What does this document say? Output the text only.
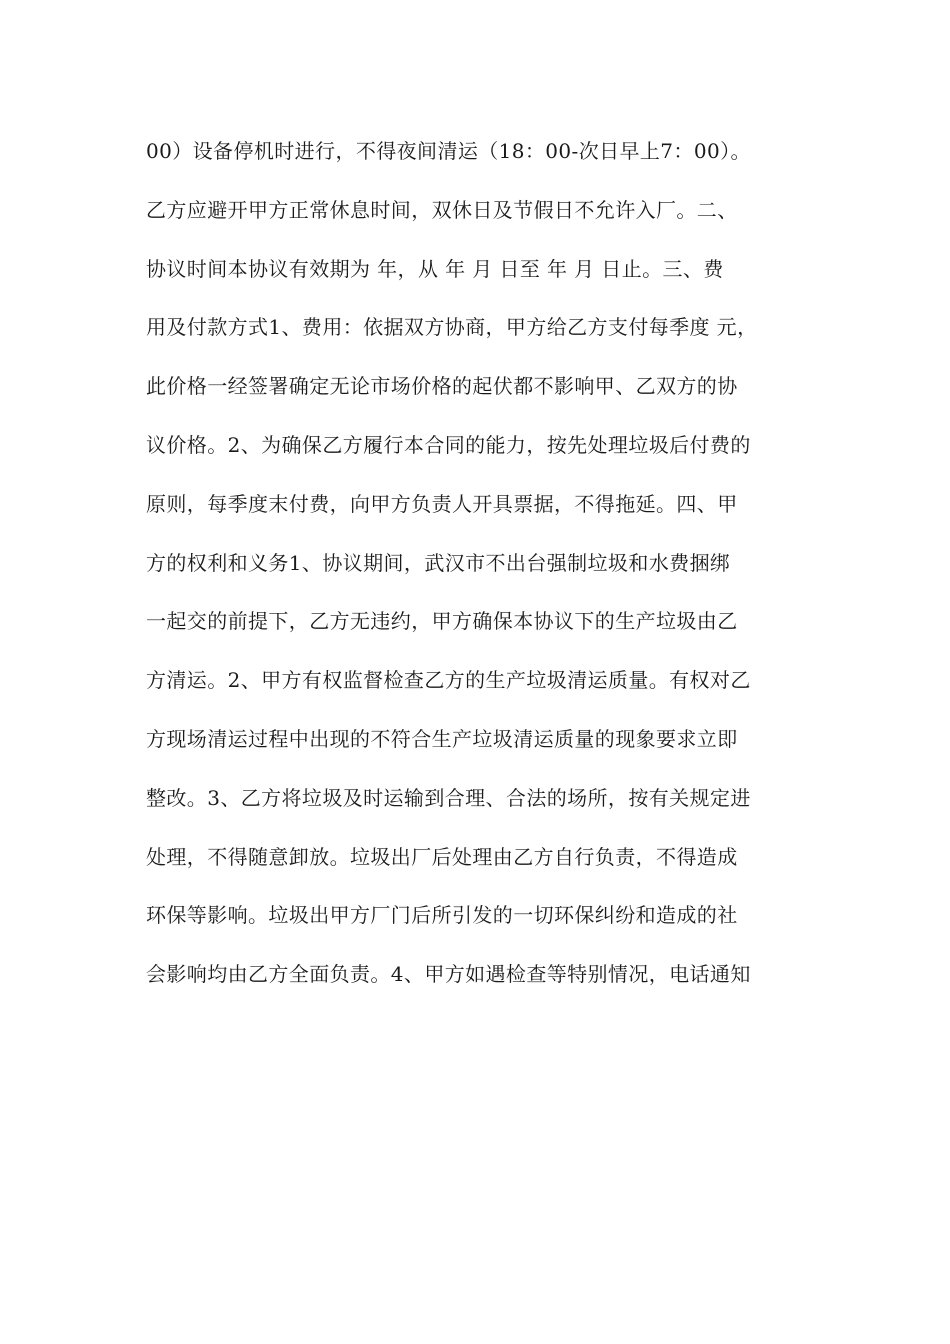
00）设备停机时进行，不得夜间清运（18：00-次日早上7：00）。
乙方应避开甲方正常休息时间，双休日及节假日不允许入厂。二、
协议时间本协议有效期为 年，从 年 月 日至 年 月 日止。三、费
用及付款方式1、费用：依据双方协商，甲方给乙方支付每季度 元，
此价格一经签署确定无论市场价格的起伏都不影响甲、乙双方的协
议价格。2、为确保乙方履行本合同的能力，按先处理垃圾后付费的
原则，每季度末付费，向甲方负责人开具票据，不得拖延。四、甲
方的权利和义务1、协议期间，武汉市不出台强制垃圾和水费捆绑
一起交的前提下，乙方无违约，甲方确保本协议下的生产垃圾由乙
方清运。2、甲方有权监督检查乙方的生产垃圾清运质量。有权对乙
方现场清运过程中出现的不符合生产垃圾清运质量的现象要求立即
整改。3、乙方将垃圾及时运输到合理、合法的场所，按有关规定进
处理，不得随意卸放。垃圾出厂后处理由乙方自行负责，不得造成
环保等影响。垃圾出甲方厂门后所引发的一切环保纠纷和造成的社
会影响均由乙方全面负责。4、甲方如遇检查等特别情况，电话通知
